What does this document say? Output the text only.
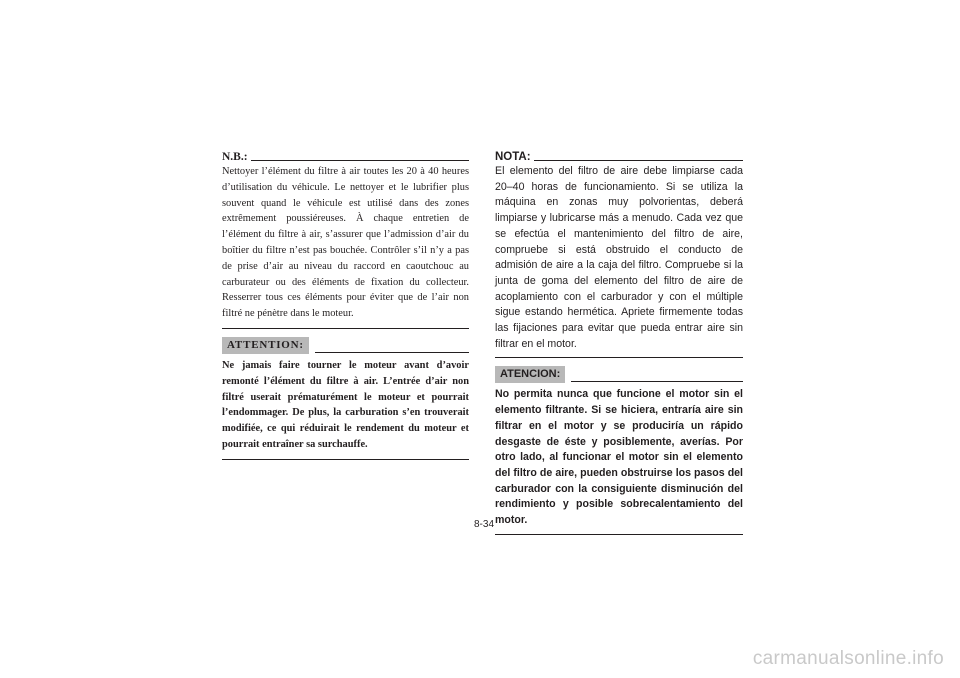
N.B.:

Nettoyer l’élément du filtre à air toutes les 20 à 40 heures d’utilisation du véhicule. Le nettoyer et le lubrifier plus souvent quand le véhicule est utilisé dans des zones extrêmement poussiéreuses. À chaque entretien de l’élément du filtre à air, s’assurer que l’admission d’air du boîtier du filtre n’est pas bouchée. Contrôler s’il n’y a pas de prise d’air au niveau du raccord en caoutchouc au carburateur ou des éléments de fixation du collecteur. Resserrer tous ces éléments pour éviter que de l’air non filtré ne pénètre dans le moteur.

ATTENTION:

Ne jamais faire tourner le moteur avant d’avoir remonté l’élément du filtre à air. L’entrée d’air non filtré userait prématurément le moteur et pourrait l’endommager. De plus, la carburation s’en trouverait modifiée, ce qui réduirait le rendement du moteur et pourrait entraîner sa surchauffe.

NOTA:

El elemento del filtro de aire debe limpiarse cada 20–40 horas de funcionamiento. Si se utiliza la máquina en zonas muy polvorientas, deberá limpiarse y lubricarse más a menudo. Cada vez que se efectúa el mantenimiento del filtro de aire, compruebe si está obstruido el conducto de admisión de aire a la caja del filtro. Compruebe si la junta de goma del elemento del filtro de aire de acoplamiento con el carburador y con el múltiple sigue estando hermética. Apriete firmemente todas las fijaciones para evitar que pueda entrar aire sin filtrar en el motor.

ATENCION:

No permita nunca que funcione el motor sin el elemento filtrante. Si se hiciera, entraría aire sin filtrar en el motor y se produciría un rápido desgaste de éste y posiblemente, averías. Por otro lado, al funcionar el motor sin el elemento del filtro de aire, pueden obstruirse los pasos del carburador con la consiguiente disminución del rendimiento y posible sobrecalentamiento del motor.

8-34
carmanualsonline.info
